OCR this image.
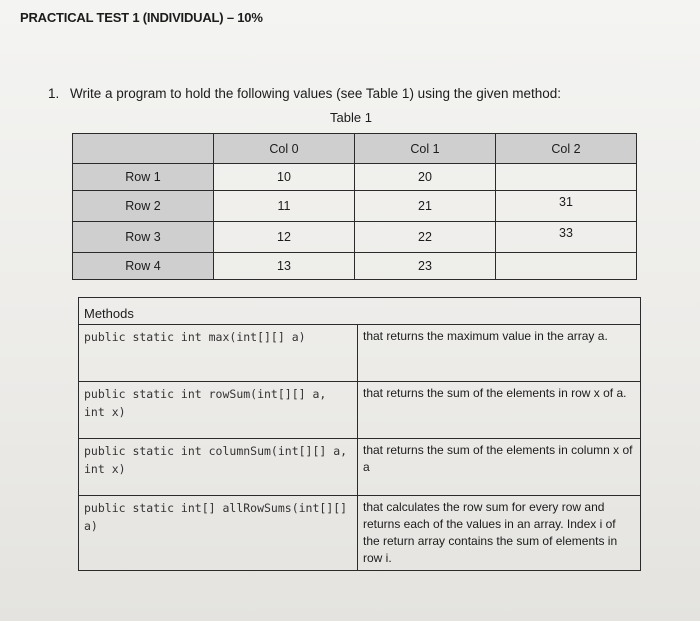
PRACTICAL TEST 1 (INDIVIDUAL) – 10%
1. Write a program to hold the following values (see Table 1) using the given method:
Table 1
	Col 0	Col 1	Col 2
Row 1	10	20	
Row 2	11	21	31
Row 3	12	22	33
Row 4	13	23	
Methods	
public static int max(int[][] a)	that returns the maximum value in the array a.
public static int rowSum(int[][] a, int x)	that returns the sum of the elements in row x of a.
public static int columnSum(int[][] a, int x)	that returns the sum of the elements in column x of a
public static int[] allRowSums(int[][] a)	that calculates the row sum for every row and returns each of the values in an array. Index i of the return array contains the sum of elements in row i.
